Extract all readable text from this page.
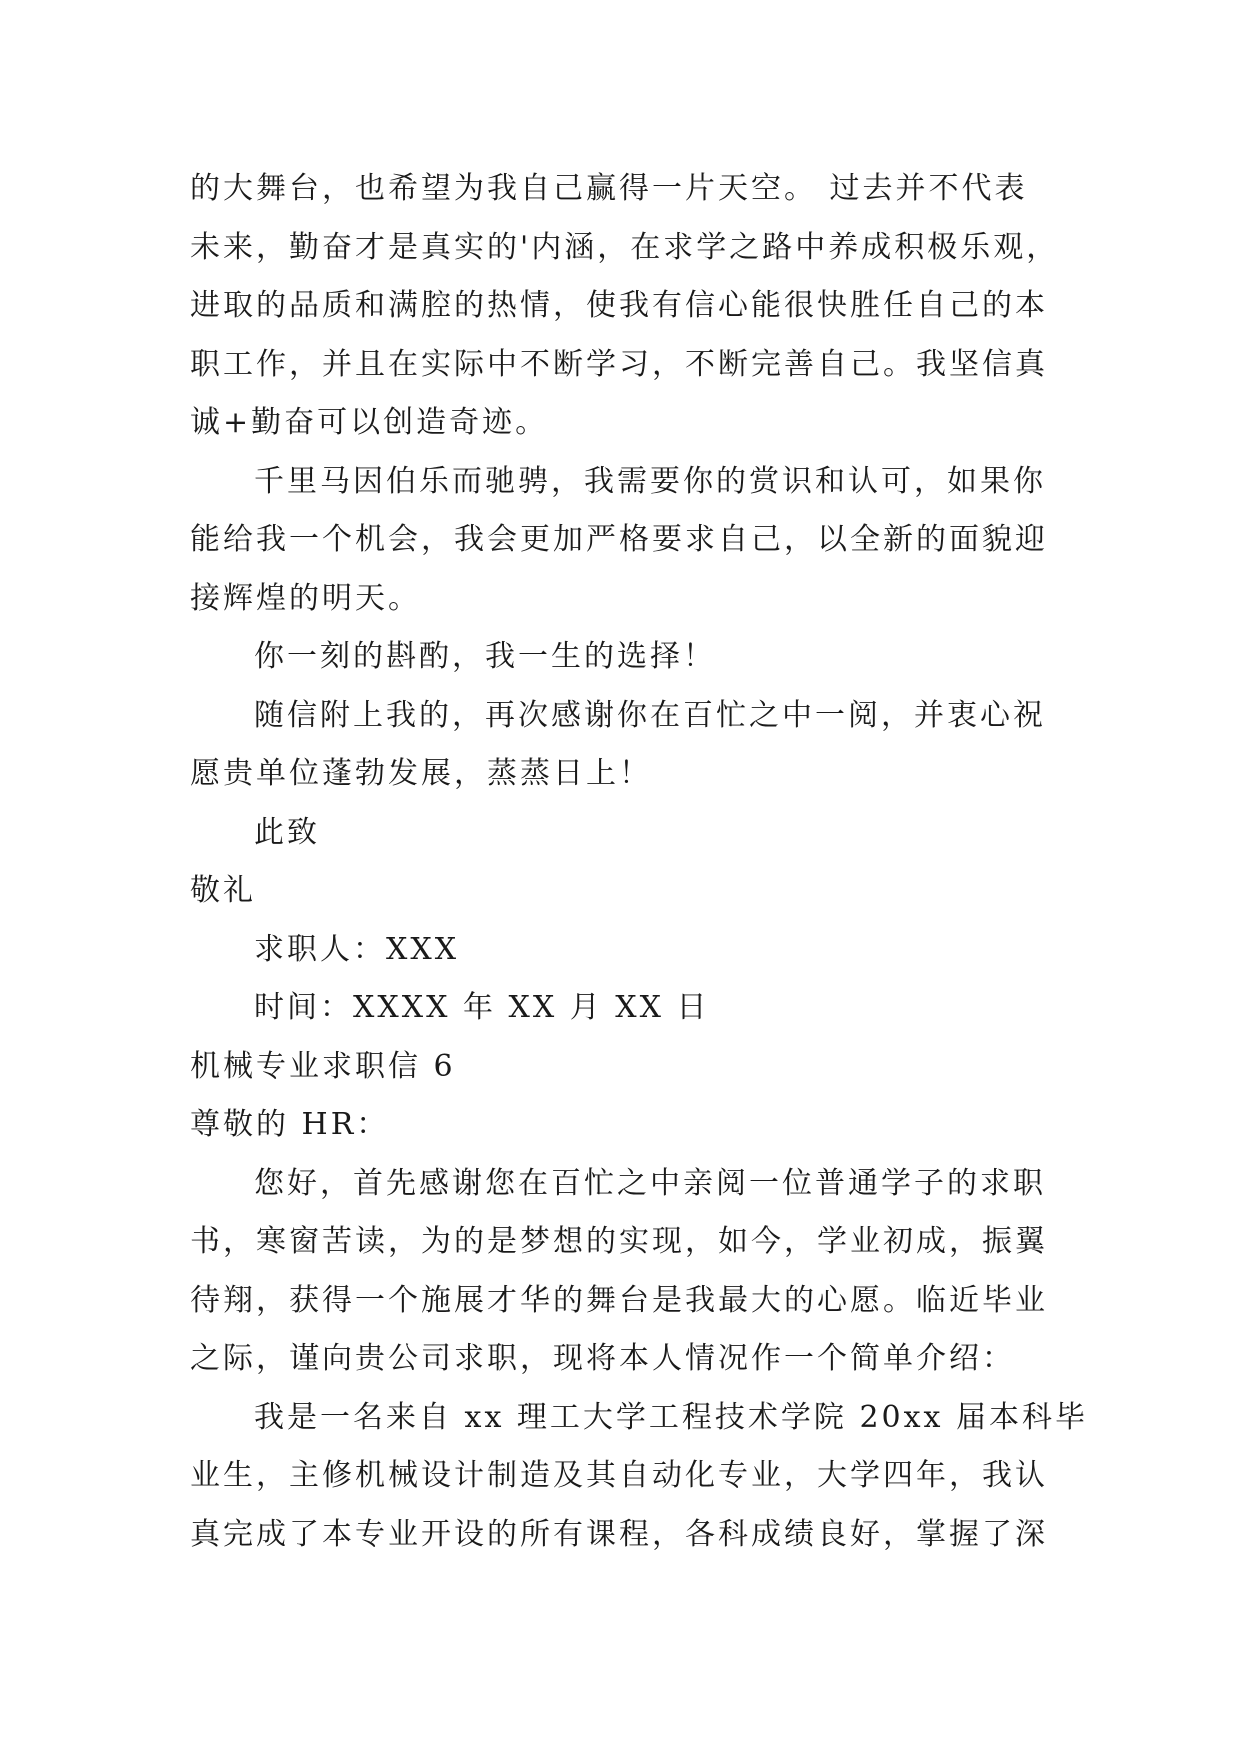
的大舞台，也希望为我自己赢得一片天空。 过去并不代表
未来，勤奋才是真实的'内涵，在求学之路中养成积极乐观，
进取的品质和满腔的热情，使我有信心能很快胜任自己的本
职工作，并且在实际中不断学习，不断完善自己。我坚信真
诚+勤奋可以创造奇迹。
千里马因伯乐而驰骋，我需要你的赏识和认可，如果你
能给我一个机会，我会更加严格要求自己，以全新的面貌迎
接辉煌的明天。
你一刻的斟酌，我一生的选择！
随信附上我的，再次感谢你在百忙之中一阅，并衷心祝
愿贵单位蓬勃发展，蒸蒸日上！
此致
敬礼
求职人：XXX
时间：XXXX 年 XX 月 XX 日
机械专业求职信 6
尊敬的 HR：
您好，首先感谢您在百忙之中亲阅一位普通学子的求职
书，寒窗苦读，为的是梦想的实现，如今，学业初成，振翼
待翔，获得一个施展才华的舞台是我最大的心愿。临近毕业
之际，谨向贵公司求职，现将本人情况作一个简单介绍：
我是一名来自 xx 理工大学工程技术学院 20xx 届本科毕
业生，主修机械设计制造及其自动化专业，大学四年，我认
真完成了本专业开设的所有课程，各科成绩良好，掌握了深
